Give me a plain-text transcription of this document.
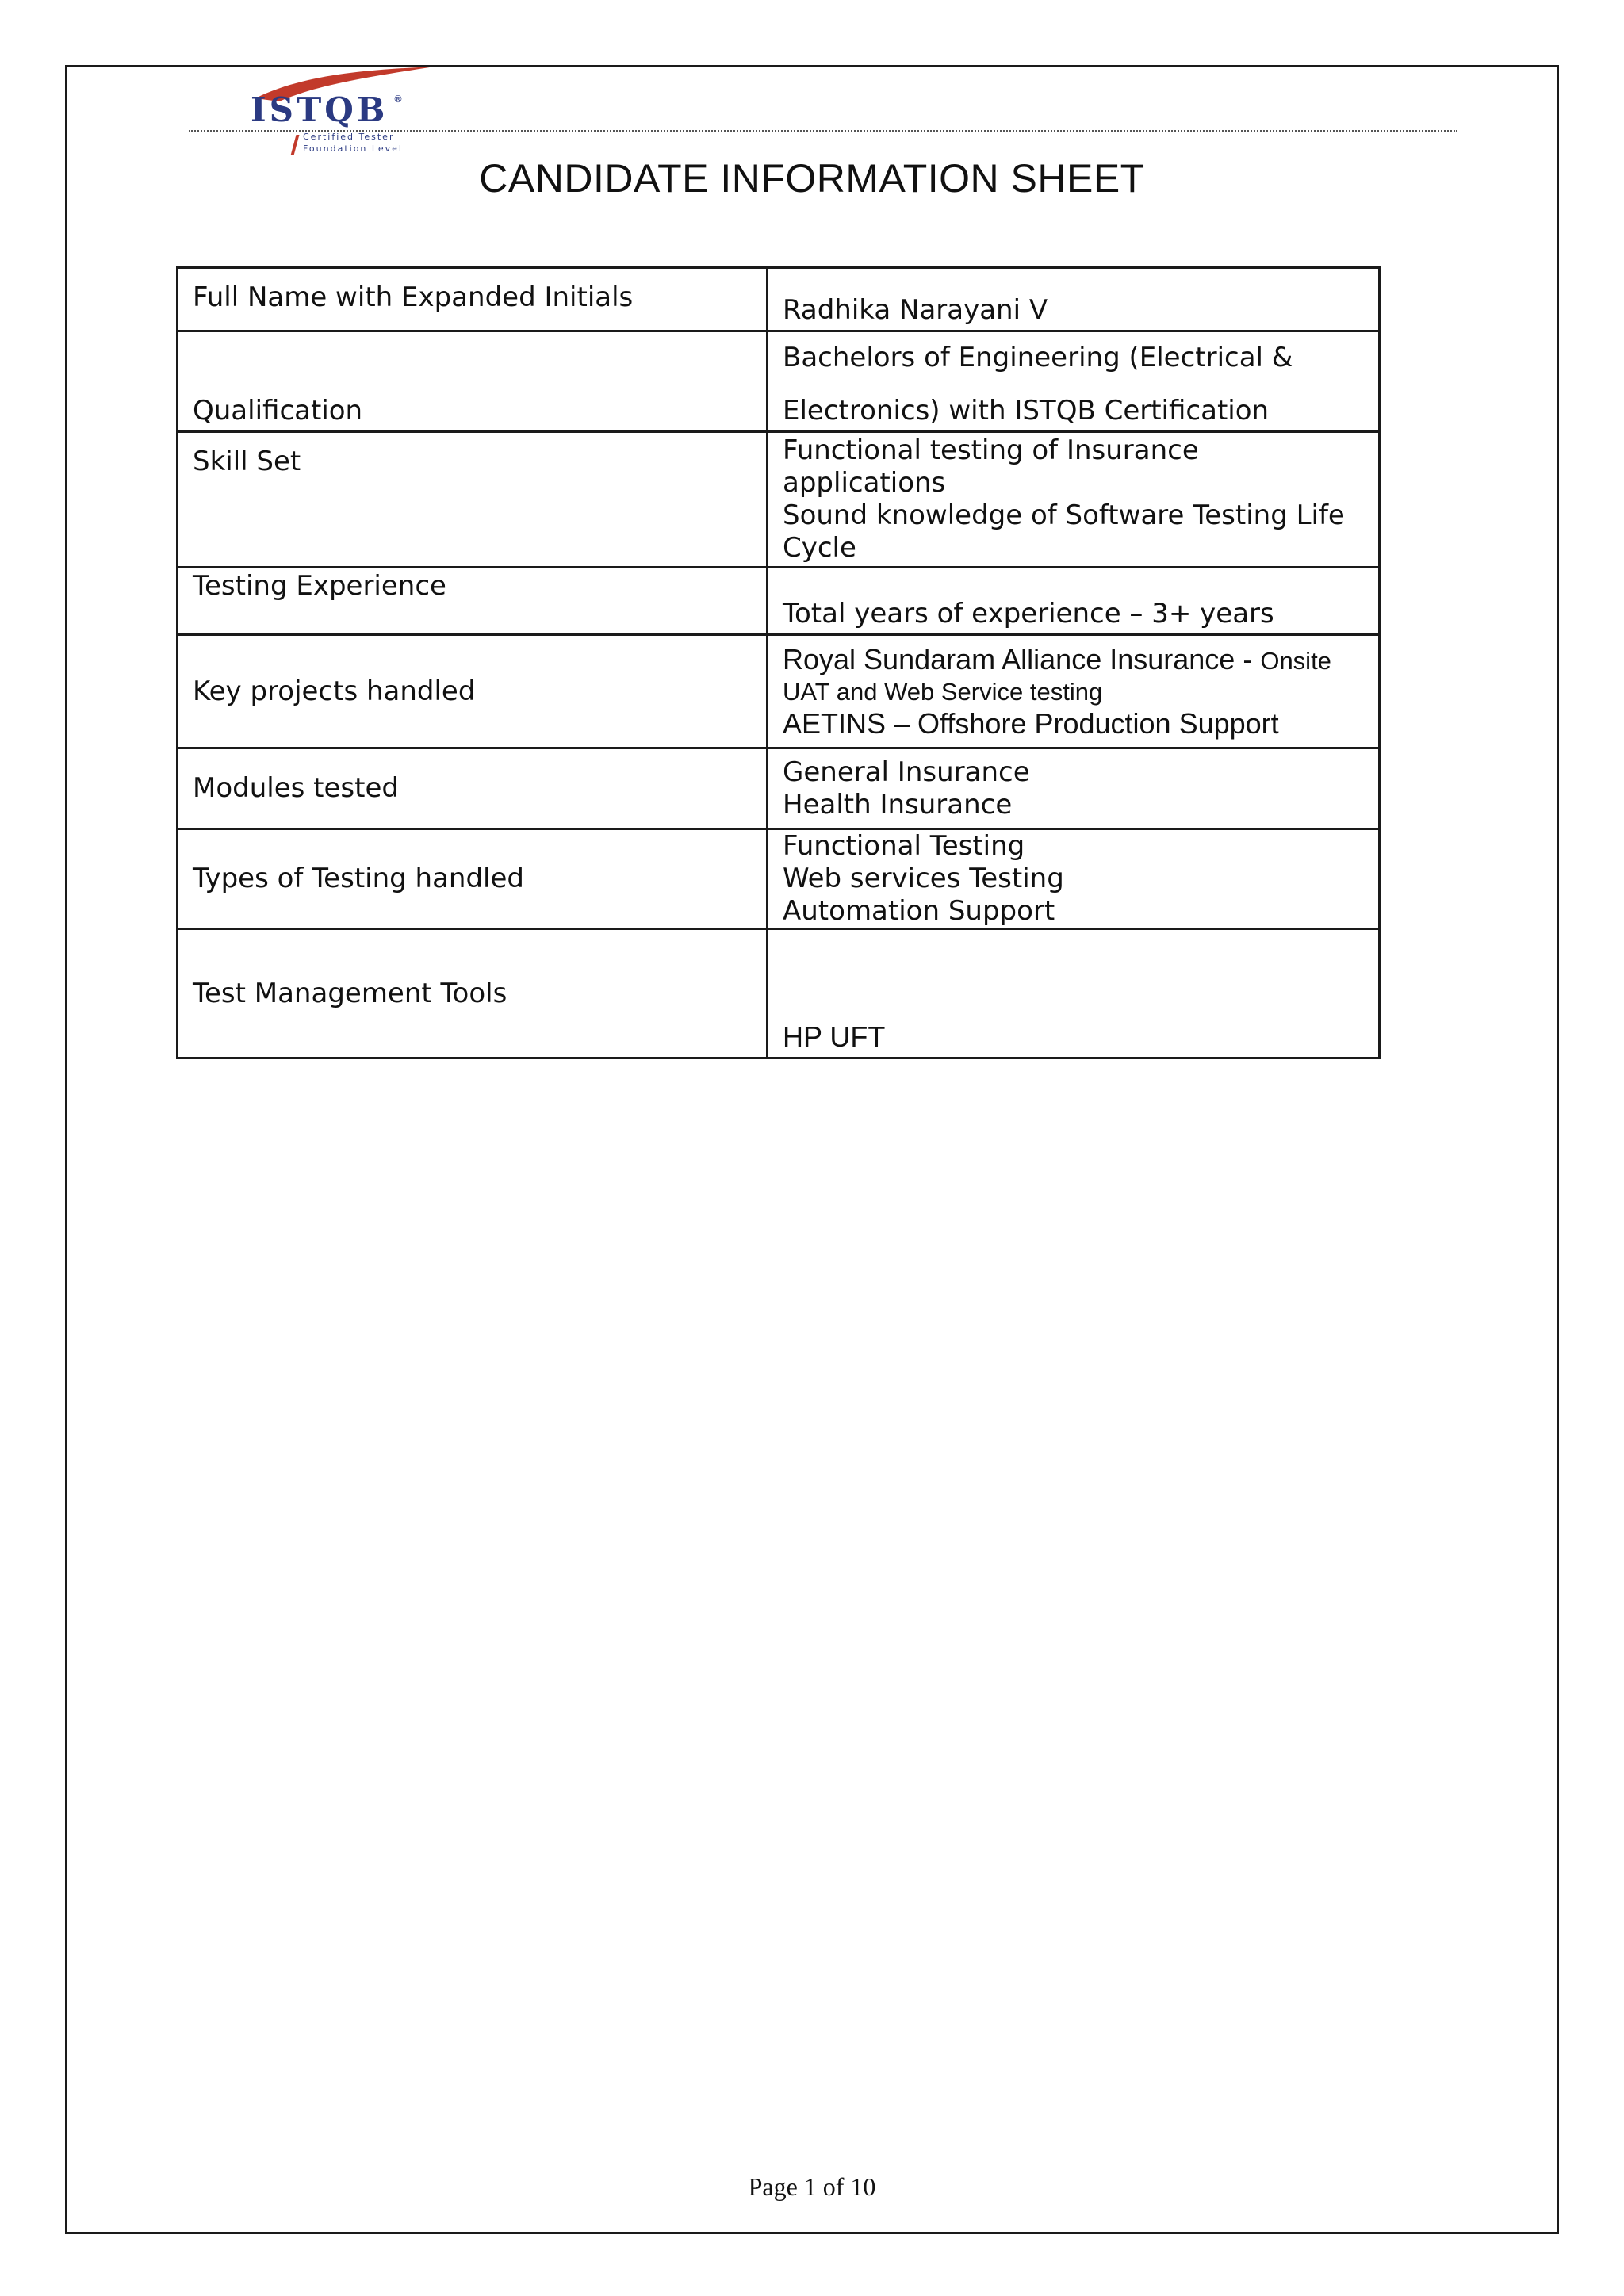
ISTQB ®
Certified Tester
Foundation Level
CANDIDATE INFORMATION SHEET
Full Name with Expanded Initials	Radhika Narayani V
Qualification	Bachelors of Engineering (Electrical &
Electronics) with ISTQB Certification

Skill Set	Functional testing of Insurance
applications
Sound knowledge of Software Testing Life
Cycle

Testing Experience	Total years of experience – 3+ years
Key projects handled	Royal Sundaram Alliance Insurance - Onsite
UAT and Web Service testing
AETINS – Offshore Production Support

Modules tested	General Insurance
Health Insurance

Types of Testing handled	Functional Testing
Web services Testing
Automation Support

Test Management Tools	HP UFT
Page 1 of 10
